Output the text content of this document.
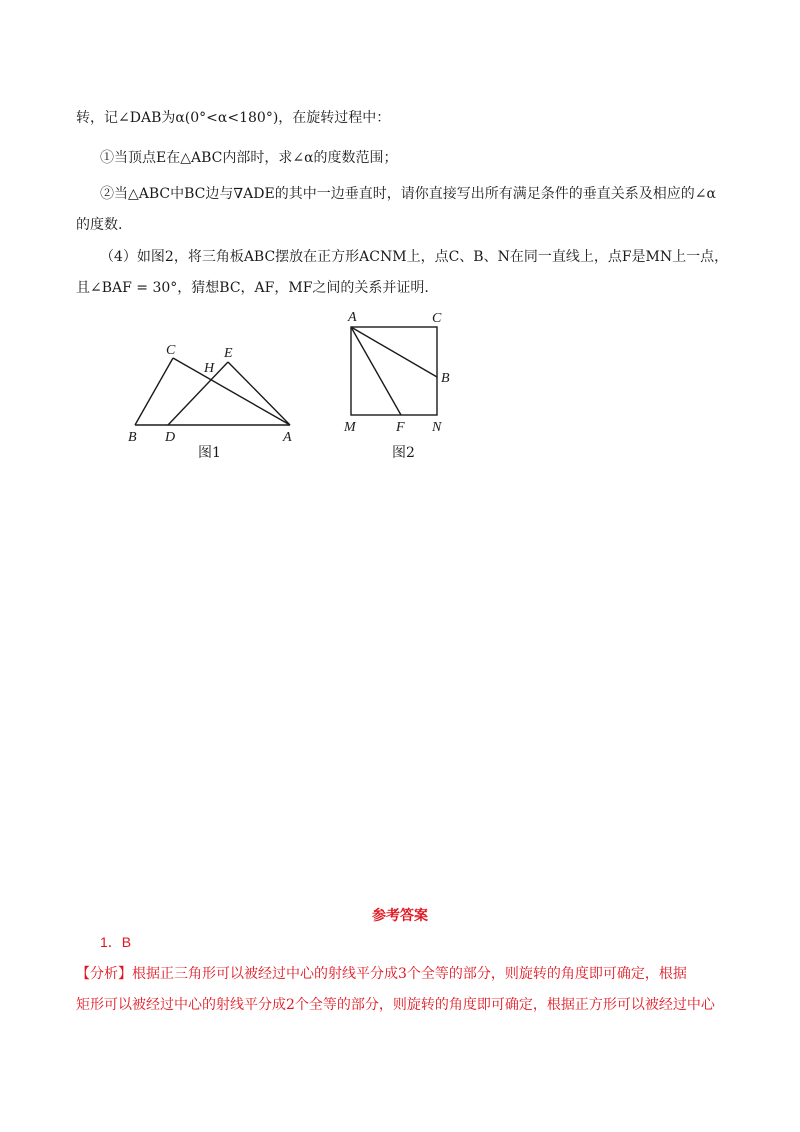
转，记∠DAB为α(0°<α<180°)，在旋转过程中：
①当顶点E在△ABC内部时，求∠α的度数范围；
②当△ABC中BC边与∇ADE的其中一边垂直时，请你直接写出所有满足条件的垂直关系及相应的∠α
的度数.
（4）如图2，将三角板ABC摆放在正方形ACNM上，点C、B、N在同一直线上，点F是MN上一点，
且∠BAF = 30°，猜想BC，AF，MF之间的关系并证明.
C	E
H
B D	A
图1
A	C
B
M	F N
图2
参考答案
1．B
【分析】根据正三角形可以被经过中心的射线平分成3个全等的部分，则旋转的角度即可确定，根据
矩形可以被经过中心的射线平分成2个全等的部分，则旋转的角度即可确定，根据正方形可以被经过中心
